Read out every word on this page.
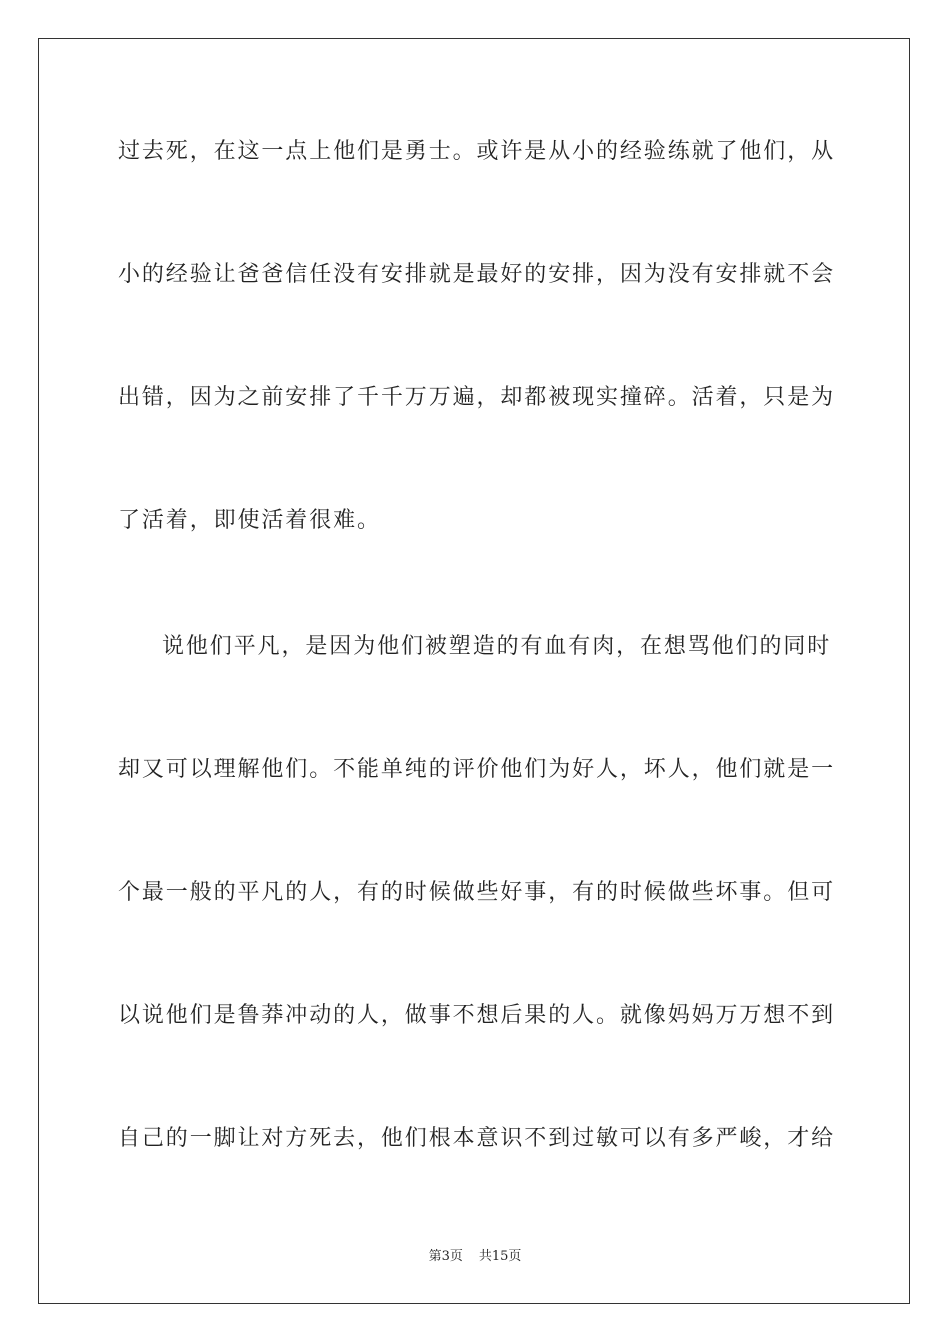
过去死，在这一点上他们是勇士。或许是从小的经验练就了他们，从
小的经验让爸爸信任没有安排就是最好的安排，因为没有安排就不会
出错，因为之前安排了千千万万遍，却都被现实撞碎。活着，只是为
了活着，即使活着很难。
说他们平凡，是因为他们被塑造的有血有肉，在想骂他们的同时
却又可以理解他们。不能单纯的评价他们为好人，坏人，他们就是一
个最一般的平凡的人，有的时候做些好事，有的时候做些坏事。但可
以说他们是鲁莽冲动的人，做事不想后果的人。就像妈妈万万想不到
自己的一脚让对方死去，他们根本意识不到过敏可以有多严峻，才给
第3页 共15页
